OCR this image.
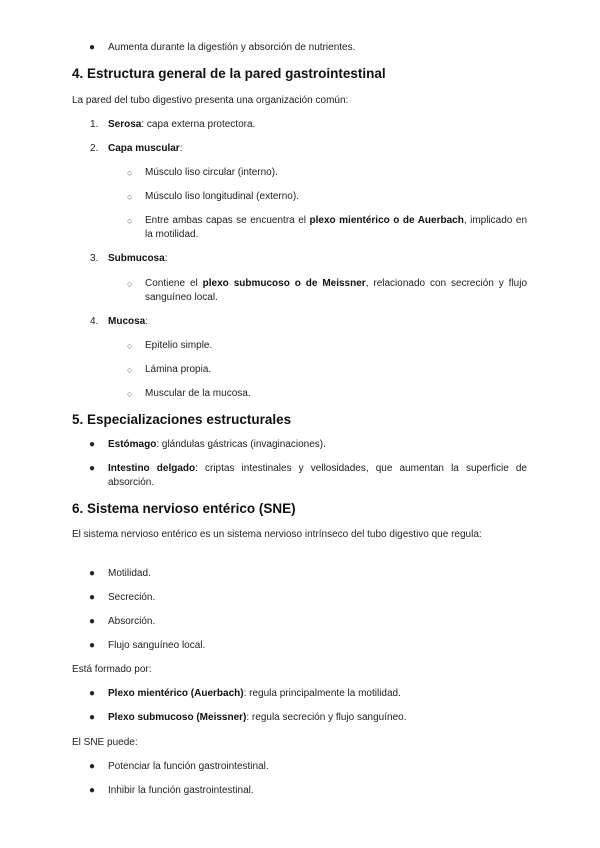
● Aumenta durante la digestión y absorción de nutrientes.
4. Estructura general de la pared gastrointestinal
La pared del tubo digestivo presenta una organización común:
1. Serosa: capa externa protectora.
2. Capa muscular:
○ Músculo liso circular (interno).
○ Músculo liso longitudinal (externo).
○ Entre ambas capas se encuentra el plexo mientérico o de Auerbach, implicado en la motilidad.
3. Submucosa:
○ Contiene el plexo submucoso o de Meissner, relacionado con secreción y flujo sanguíneo local.
4. Mucosa:
○ Epitelio simple.
○ Lámina propia.
○ Muscular de la mucosa.
5. Especializaciones estructurales
● Estómago: glándulas gástricas (invaginaciones).
● Intestino delgado: criptas intestinales y vellosidades, que aumentan la superficie de absorción.
6. Sistema nervioso entérico (SNE)
El sistema nervioso entérico es un sistema nervioso intrínseco del tubo digestivo que regula:
● Motilidad.
● Secreción.
● Absorción.
● Flujo sanguíneo local.
Está formado por:
● Plexo mientérico (Auerbach): regula principalmente la motilidad.
● Plexo submucoso (Meissner): regula secreción y flujo sanguíneo.
El SNE puede:
● Potenciar la función gastrointestinal.
● Inhibir la función gastrointestinal.
